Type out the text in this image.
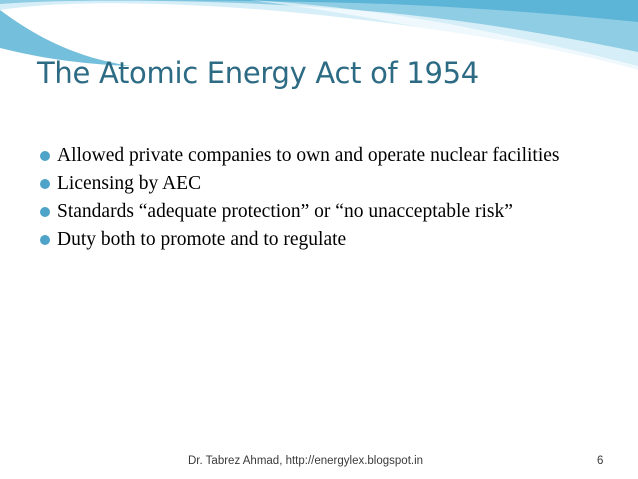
The Atomic Energy Act of 1954
Allowed private companies to own and operate nuclear facilities
Licensing by AEC
Standards “adequate protection” or “no unacceptable risk”
Duty both to promote and to regulate
Dr. Tabrez Ahmad, http://energylex.blogspot.in	6
